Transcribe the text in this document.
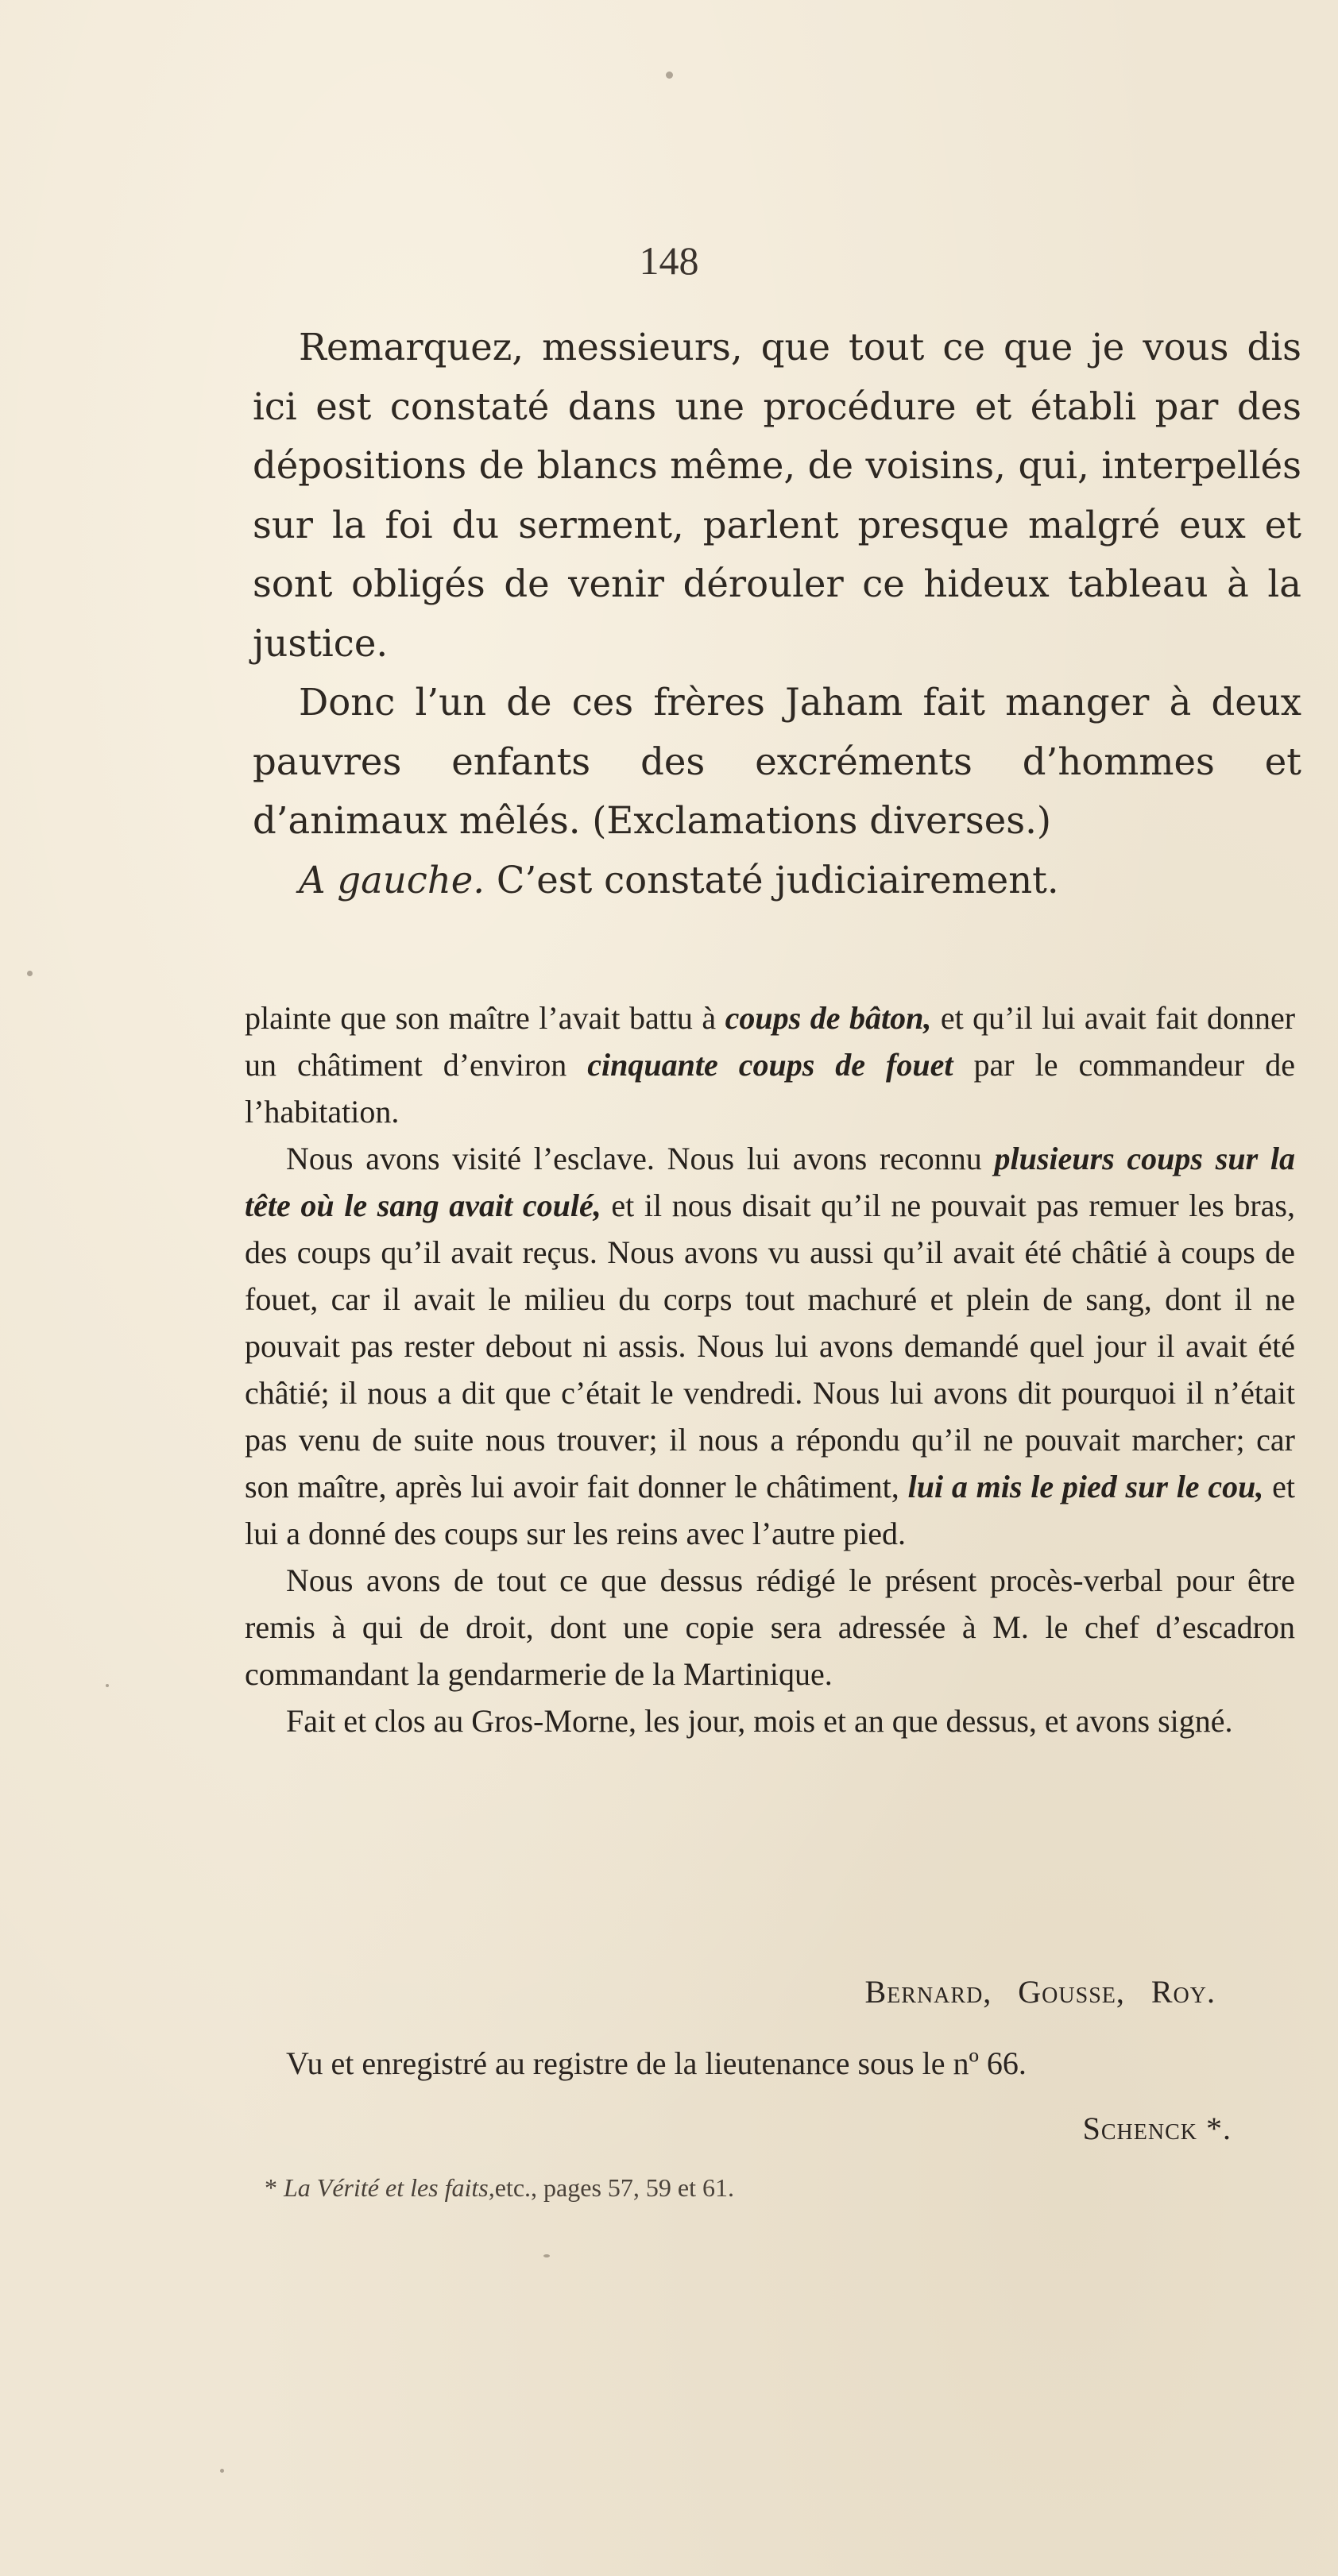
148

Remarquez, messieurs, que tout ce que je vous dis ici est constaté dans une procédure et établi par des dépositions de blancs même, de voisins, qui, interpellés sur la foi du serment, parlent presque malgré eux et sont obligés de venir dérouler ce hideux tableau à la justice.

Donc l’un de ces frères Jaham fait manger à deux pauvres enfants des excréments d’hommes et d’animaux mêlés. (Exclamations diverses.)

A gauche. C’est constaté judiciairement.

plainte que son maître l’avait battu à coups de bâton, et qu’il lui avait fait donner un châtiment d’environ cinquante coups de fouet par le commandeur de l’habitation.

Nous avons visité l’esclave. Nous lui avons reconnu plusieurs coups sur la tête où le sang avait coulé, et il nous disait qu’il ne pouvait pas remuer les bras, des coups qu’il avait reçus. Nous avons vu aussi qu’il avait été châtié à coups de fouet, car il avait le milieu du corps tout machuré et plein de sang, dont il ne pouvait pas rester debout ni assis. Nous lui avons demandé quel jour il avait été châtié; il nous a dit que c’était le vendredi. Nous lui avons dit pourquoi il n’était pas venu de suite nous trouver; il nous a répondu qu’il ne pouvait marcher; car son maître, après lui avoir fait donner le châtiment, lui a mis le pied sur le cou, et lui a donné des coups sur les reins avec l’autre pied.

Nous avons de tout ce que dessus rédigé le présent procès-verbal pour être remis à qui de droit, dont une copie sera adressée à M. le chef d’escadron commandant la gendarmerie de la Martinique.

Fait et clos au Gros-Morne, les jour, mois et an que dessus, et avons signé.

Bernard, Gousse, Roy.
Vu et enregistré au registre de la lieutenance sous le nº 66.
Schenck *.
* La Vérité et les faits,etc., pages 57, 59 et 61.
